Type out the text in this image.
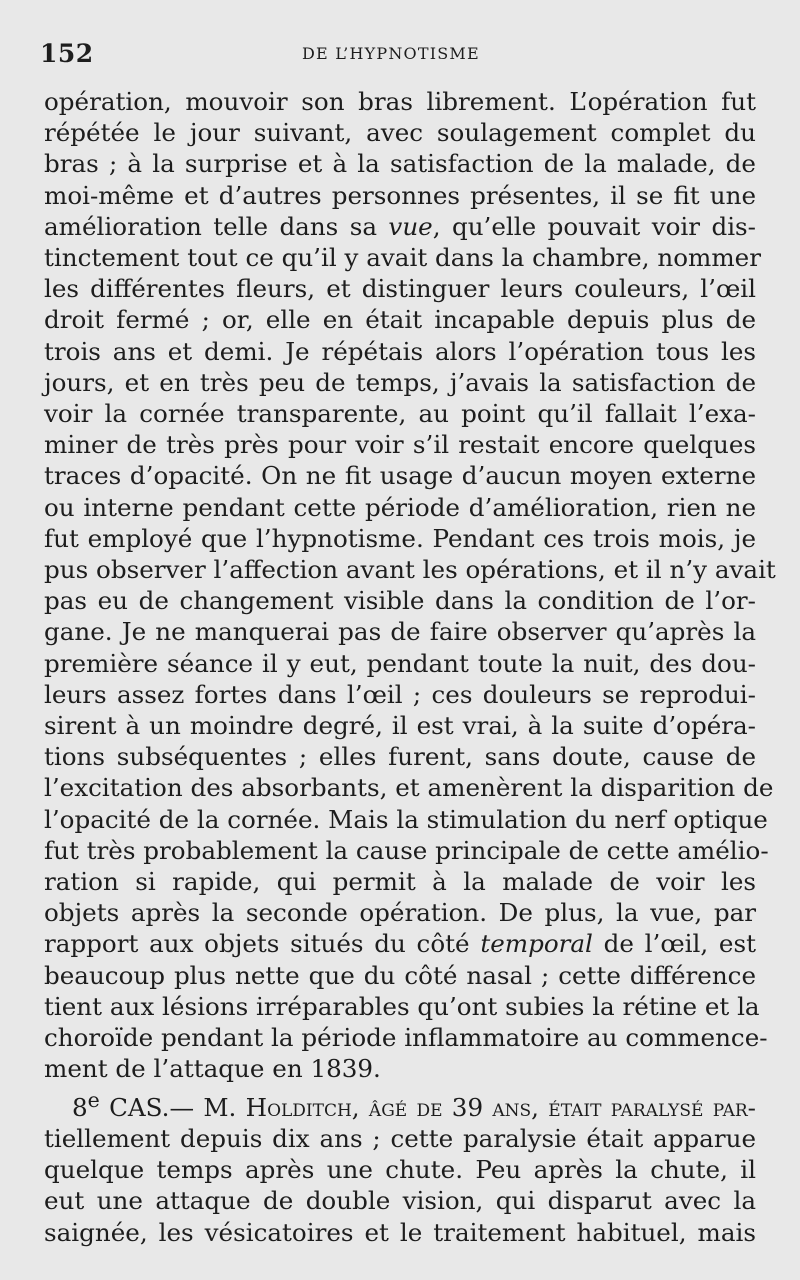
152	DE L’HYPNOTISME
opération, mouvoir son bras librement. L’opération fut
répétée le jour suivant, avec soulagement complet du
bras ; à la surprise et à la satisfaction de la malade, de
moi-même et d’autres personnes présentes, il se fit une
amélioration telle dans sa vue, qu’elle pouvait voir dis-
tinctement tout ce qu’il y avait dans la chambre, nommer
les différentes fleurs, et distinguer leurs couleurs, l’œil
droit fermé ; or, elle en était incapable depuis plus de
trois ans et demi. Je répétais alors l’opération tous les
jours, et en très peu de temps, j’avais la satisfaction de
voir la cornée transparente, au point qu’il fallait l’exa-
miner de très près pour voir s’il restait encore quelques
traces d’opacité. On ne fit usage d’aucun moyen externe
ou interne pendant cette période d’amélioration, rien ne
fut employé que l’hypnotisme. Pendant ces trois mois, je
pus observer l’affection avant les opérations, et il n’y avait
pas eu de changement visible dans la condition de l’or-
gane. Je ne manquerai pas de faire observer qu’après la
première séance il y eut, pendant toute la nuit, des dou-
leurs assez fortes dans l’œil ; ces douleurs se reprodui-
sirent à un moindre degré, il est vrai, à la suite d’opéra-
tions subséquentes ; elles furent, sans doute, cause de
l’excitation des absorbants, et amenèrent la disparition de
l’opacité de la cornée. Mais la stimulation du nerf optique
fut très probablement la cause principale de cette amélio-
ration si rapide, qui permit à la malade de voir les
objets après la seconde opération. De plus, la vue, par
rapport aux objets situés du côté temporal de l’œil, est
beaucoup plus nette que du côté nasal ; cette différence
tient aux lésions irréparables qu’ont subies la rétine et la
choroïde pendant la période inflammatoire au commence-
ment de l’attaque en 1839.
8e CAS.— M. Holditch, âgé de 39 ans, était paralysé par-
tiellement depuis dix ans ; cette paralysie était apparue
quelque temps après une chute. Peu après la chute, il
eut une attaque de double vision, qui disparut avec la
saignée, les vésicatoires et le traitement habituel, mais
